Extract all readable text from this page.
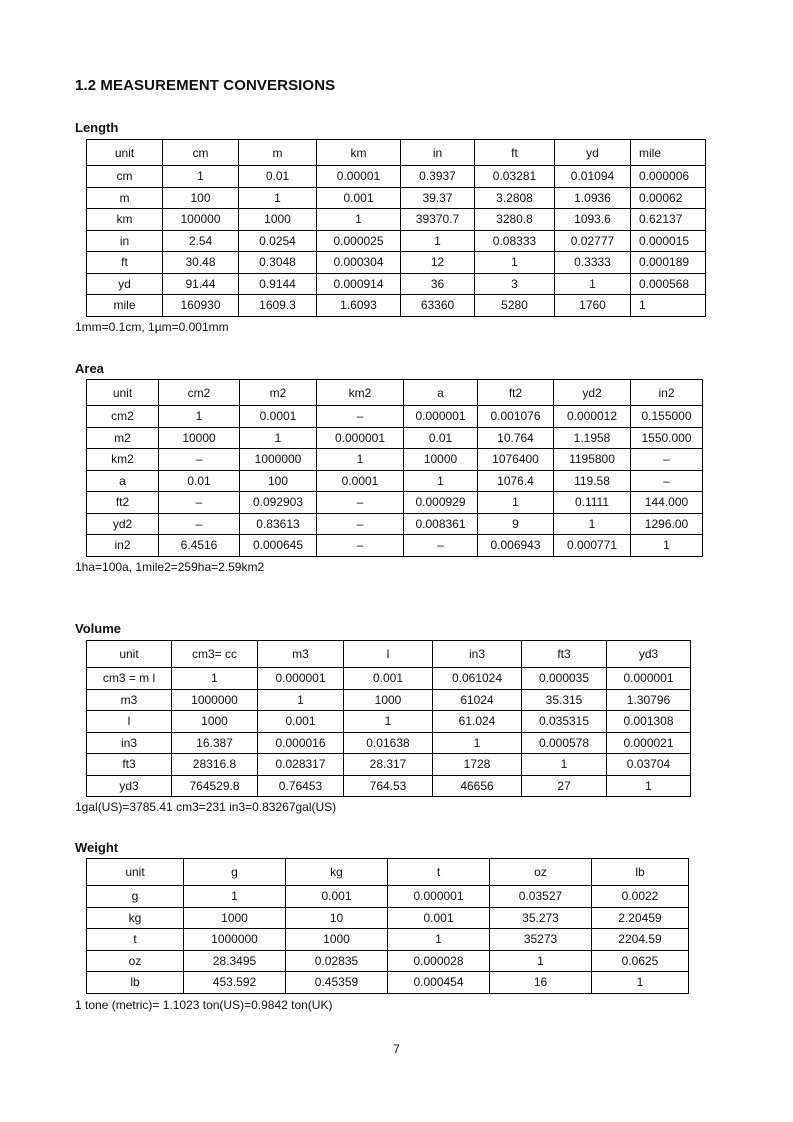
1.2 MEASUREMENT CONVERSIONS
Length
unit	cm	m	km	in	ft	yd	mile
cm	1	0.01	0.00001	0.3937	0.03281	0.01094	0.000006
m	100	1	0.001	39.37	3.2808	1.0936	0.00062
km	100000	1000	1	39370.7	3280.8	1093.6	0.62137
in	2.54	0.0254	0.000025	1	0.08333	0.02777	0.000015
ft	30.48	0.3048	0.000304	12	1	0.3333	0.000189
yd	91.44	0.9144	0.000914	36	3	1	0.000568
mile	160930	1609.3	1.6093	63360	5280	1760	1
1mm=0.1cm, 1µm=0.001mm
Area
unit	cm2	m2	km2	a	ft2	yd2	in2
cm2	1	0.0001	–	0.000001	0.001076	0.000012	0.155000
m2	10000	1	0.000001	0.01	10.764	1.1958	1550.000
km2	–	1000000	1	10000	1076400	1195800	–
a	0.01	100	0.0001	1	1076.4	119.58	–
ft2	–	0.092903	–	0.000929	1	0.1111	144.000
yd2	–	0.83613	–	0.008361	9	1	1296.00
in2	6.4516	0.000645	–	–	0.006943	0.000771	1
1ha=100a, 1mile2=259ha=2.59km2
Volume
unit	cm3= cc	m3	l	in3	ft3	yd3
cm3 = m l	1	0.000001	0.001	0.061024	0.000035	0.000001
m3	1000000	1	1000	61024	35.315	1.30796
l	1000	0.001	1	61.024	0.035315	0.001308
in3	16.387	0.000016	0.01638	1	0.000578	0.000021
ft3	28316.8	0.028317	28.317	1728	1	0.03704
yd3	764529.8	0.76453	764.53	46656	27	1
1gal(US)=3785.41 cm3=231 in3=0.83267gal(US)
Weight
unit	g	kg	t	oz	lb
g	1	0.001	0.000001	0.03527	0.0022
kg	1000	10	0.001	35.273	2.20459
t	1000000	1000	1	35273	2204.59
oz	28.3495	0.02835	0.000028	1	0.0625
lb	453.592	0.45359	0.000454	16	1
1 tone (metric)= 1.1023 ton(US)=0.9842 ton(UK)
7
